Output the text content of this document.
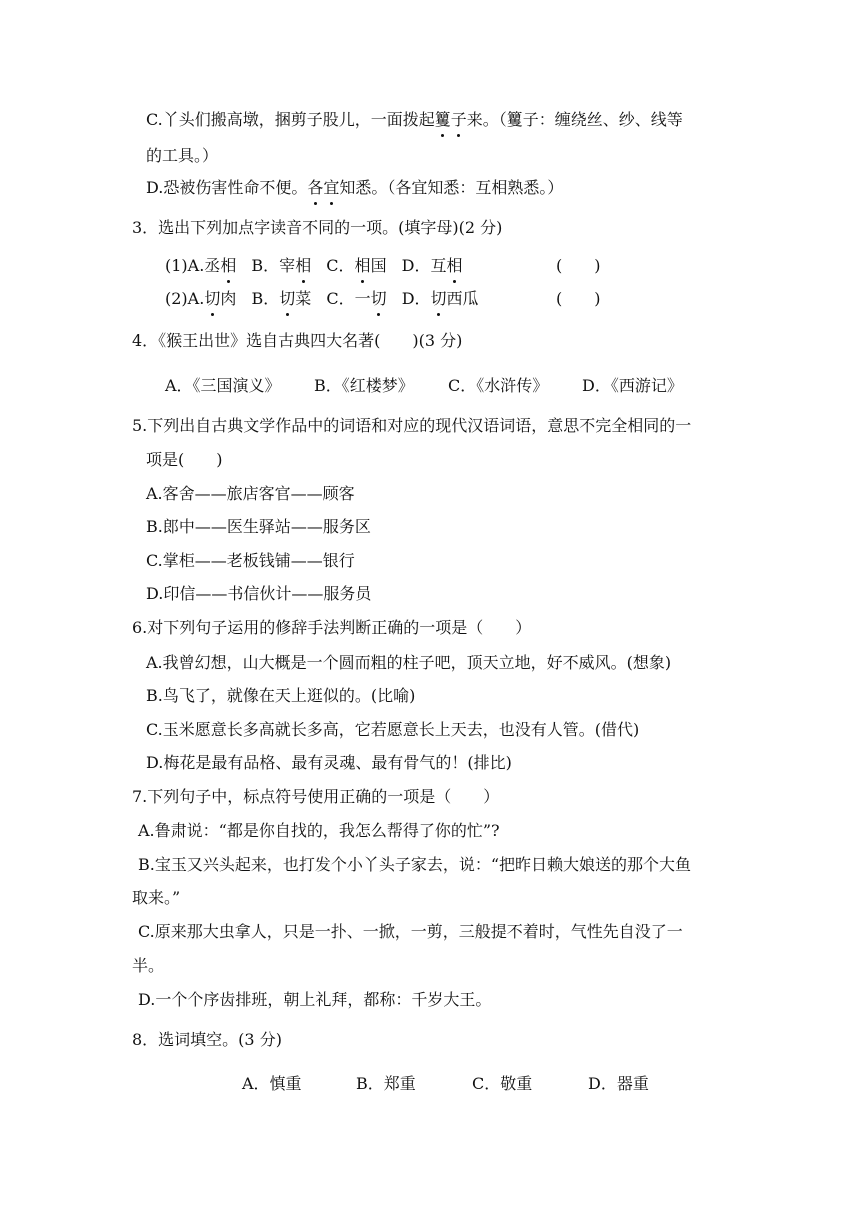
C.丫头们搬高墩，捆剪子股儿，一面拨起籰子来。（籰子：缠绕丝、纱、线等
的工具。）
D.恐被伤害性命不便。各宜知悉。（各宜知悉：互相熟悉。）
3．选出下列加点字读音不同的一项。(填字母)(2 分)
(1)A.丞相 B．宰相 C．相国 D．互相	(　　)
(2)A.切肉 B．切菜 C．一切 D．切西瓜	(　　)
4．《猴王出世》选自古典四大名著(　　)(3 分)
A．《三国演义》 B．《红楼梦》 C．《水浒传》 D．《西游记》
5.下列出自古典文学作品中的词语和对应的现代汉语词语，意思不完全相同的一
项是(　　)
A.客舍——旅店客官——顾客
B.郎中——医生驿站——服务区
C.掌柜——老板钱铺——银行
D.印信——书信伙计——服务员
6.对下列句子运用的修辞手法判断正确的一项是（　　）
A.我曾幻想，山大概是一个圆而粗的柱子吧，顶天立地，好不威风。(想象)
B.鸟飞了，就像在天上逛似的。(比喻)
C.玉米愿意长多高就长多高，它若愿意长上天去，也没有人管。(借代)
D.梅花是最有品格、最有灵魂、最有骨气的！(排比)
7.下列句子中，标点符号使用正确的一项是（　　）
A.鲁肃说：“都是你自找的，我怎么帮得了你的忙”?
B.宝玉又兴头起来，也打发个小丫头子家去，说：“把昨日赖大娘送的那个大鱼
取来。”
C.原来那大虫拿人，只是一扑、一掀，一剪，三般提不着时，气性先自没了一
半。
D.一个个序齿排班，朝上礼拜，都称：千岁大王。
8．选词填空。(3 分)
A．慎重	B．郑重	C．敬重	D．器重
